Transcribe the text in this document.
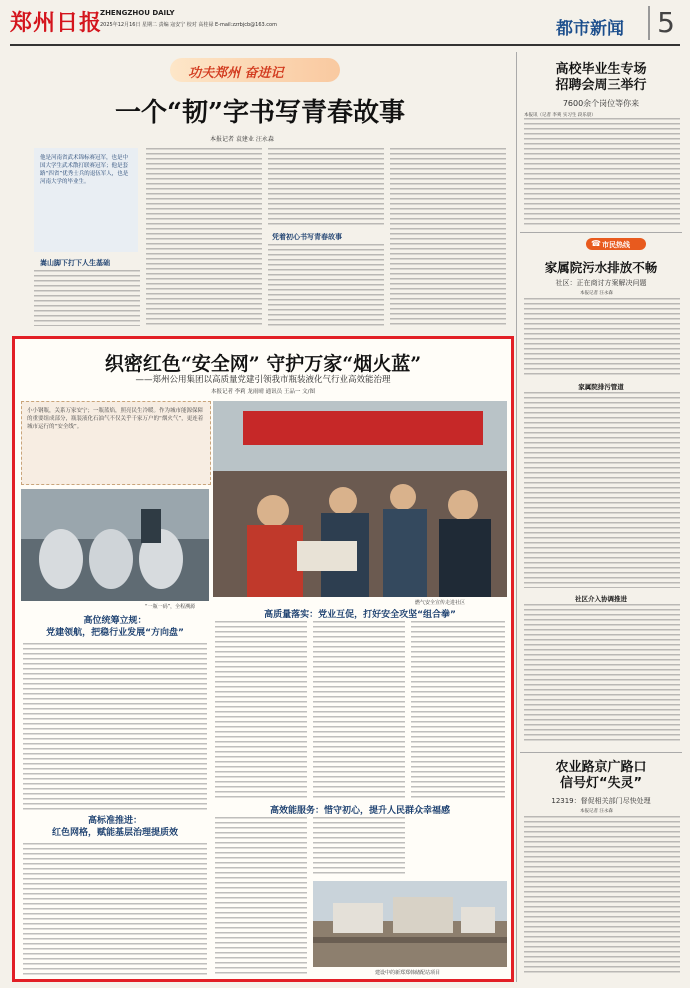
郑州日报
ZHENGZHOU DAILY
2025年12月16日 星期二 责编 寇安宁 校对 高桂禄 E-mail:zzrbjcb@163.com	都市新闻	5
功夫郑州 奋进记
一个“韧”字书写青春故事
本报记者 袁建业 汪永森
他是河南省武术锦标赛冠军，也是中国大学生武术散打联赛冠军；他是套路“四省”优秀士兵的退伍军人，也是河南大学的毕业生。
嵩山脚下打下人生基础
凭着初心书写青春故事
高校毕业生专场
招聘会周三举行
7600余个岗位等你来
本报讯（记者 李爽 实习生 段乐晨）
☎ 市民热线
家属院污水排放不畅
社区：正在商讨方案解决问题
本报记者 汪永森
家属院排污管道
社区介入协调推进
农业路京广路口
信号灯“失灵”
12319：督促相关部门尽快处理
本报记者 汪永森
织密红色“安全网” 守护万家“烟火蓝”
——郑州公用集团以高质量党建引领我市瓶装液化气行业高效能治理
本报记者 李莉 龙雨晴 通讯员 王品一 文/图
小小钢瓶，关系万家安宁；一瓶蓝焰，照亮民生冷暖。作为城市能源保障的重要组成部分，瓶装液化石油气不仅关乎千家万户的“烟火气”，更连着城市运行的“安全线”。
燃气安全宣传走进社区
“一瓶一码”，全程溯源
高位统筹立规：
党建领航，把稳行业发展“方向盘”
高标准推进：
红色网格，赋能基层治理提质效
高质量落实：党业互促，打好安全攻坚“组合拳”
高效能服务：惜守初心，提升人民群众幸福感
建设中的新郑郑韩储配站项目
